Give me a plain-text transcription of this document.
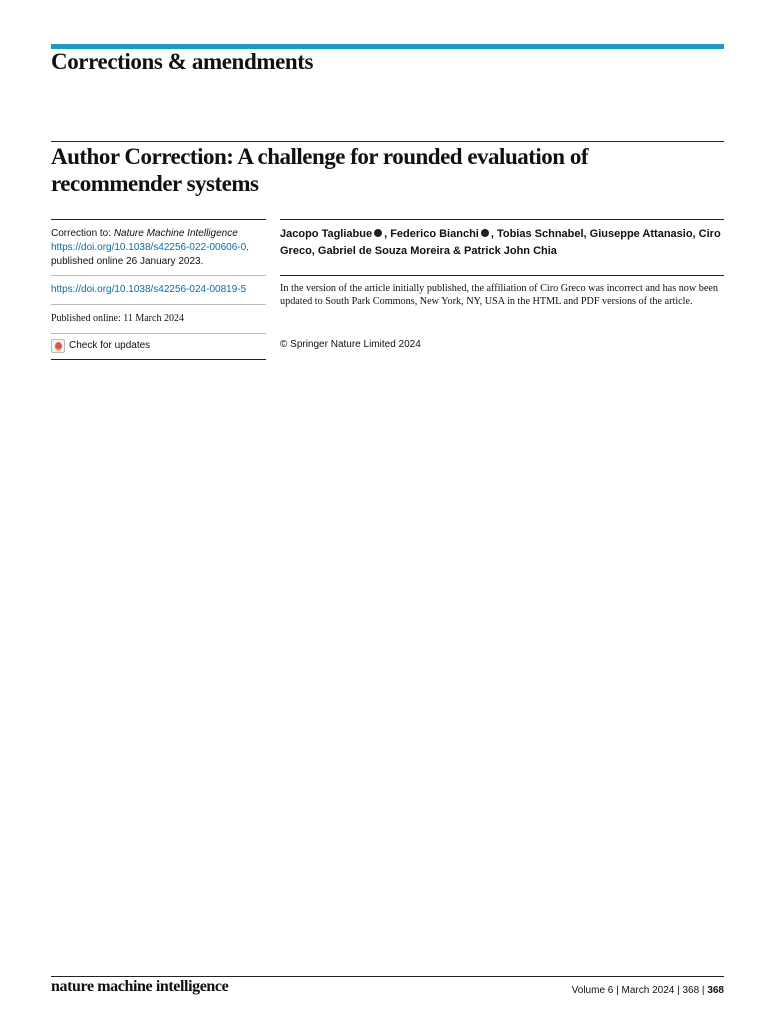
Corrections & amendments
Author Correction: A challenge for rounded evaluation of recommender systems
Correction to: Nature Machine Intelligence
https://doi.org/10.1038/s42256-022-00606-0,
published online 26 January 2023.
https://doi.org/10.1038/s42256-024-00819-5
Published online: 11 March 2024
Check for updates
Jacopo Tagliabue , Federico Bianchi , Tobias Schnabel, Giuseppe Attanasio, Ciro Greco, Gabriel de Souza Moreira & Patrick John Chia

In the version of the article initially published, the affiliation of Ciro Greco was incorrect and has now been updated to South Park Commons, New York, NY, USA in the HTML and PDF versions of the article.

© Springer Nature Limited 2024
nature machine intelligence	Volume 6 | March 2024 | 368 | 368
